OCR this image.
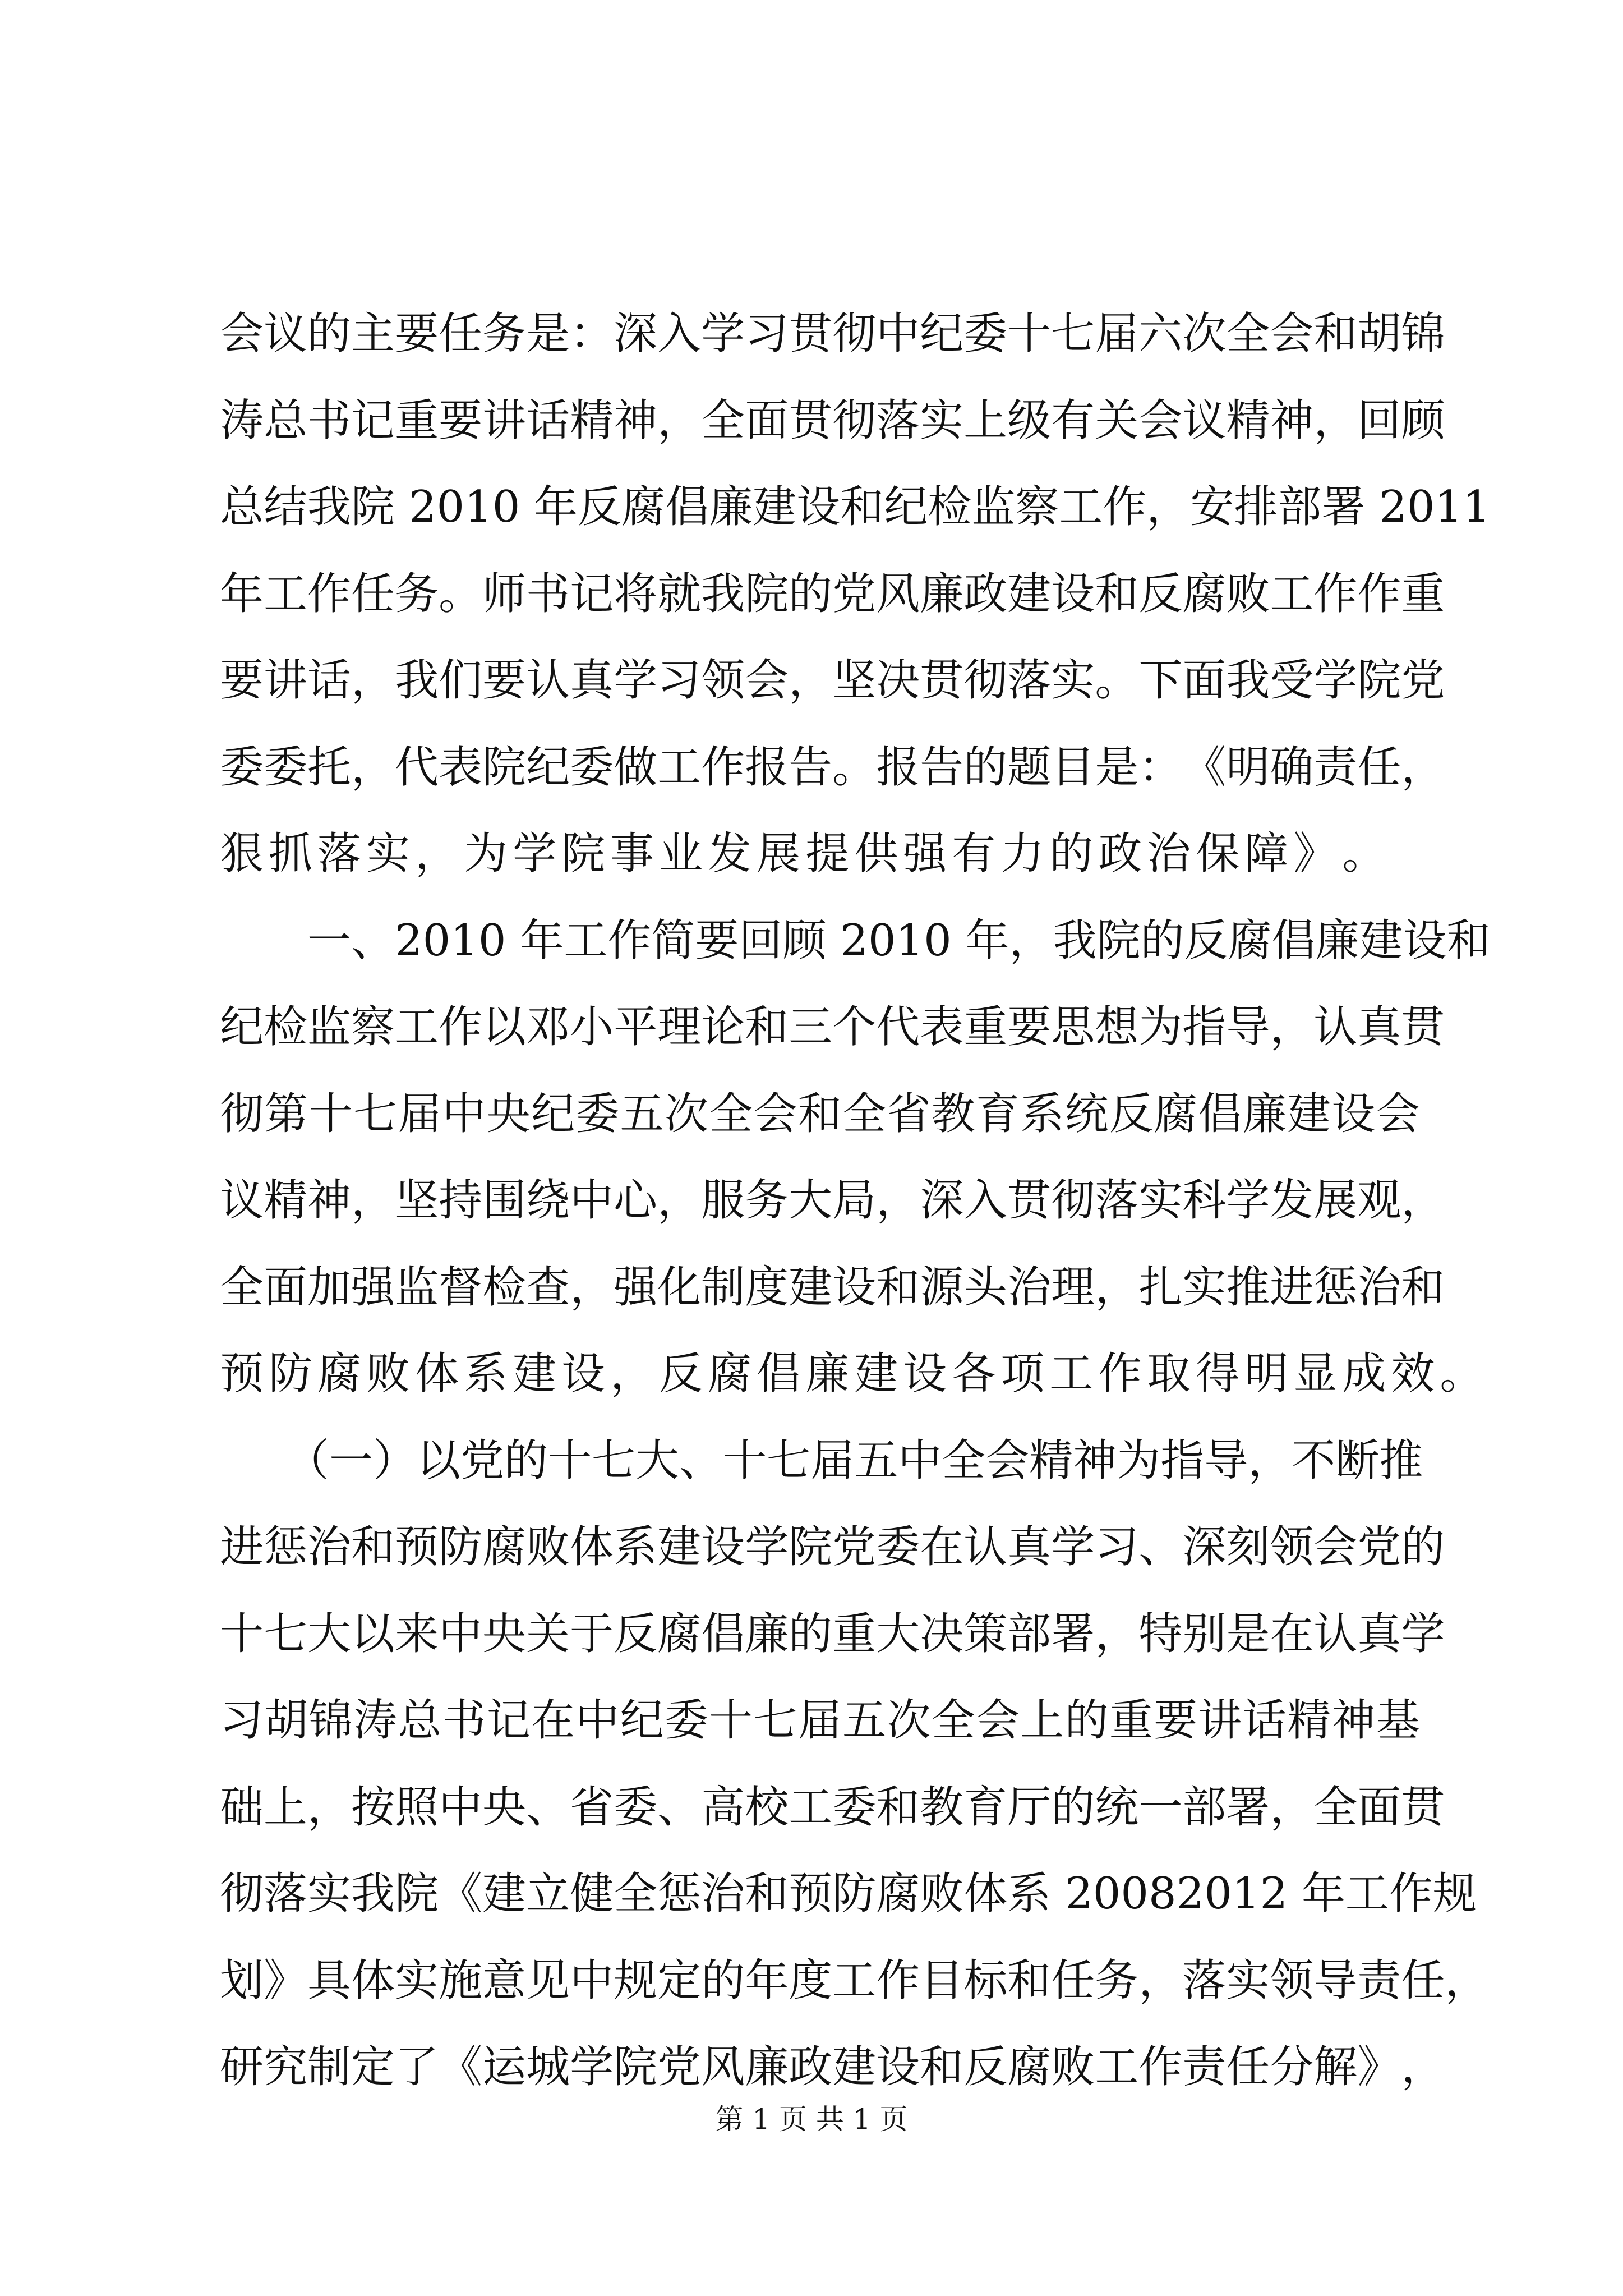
会 议 的 主 要 任 务 是 ： 深 入 学 习 贯 彻 中 纪 委 十 七 届 六 次 全 会 和 胡 锦
涛 总 书 记 重 要 讲 话 精 神 ， 全 面 贯 彻 落 实 上 级 有 关 会 议 精 神 ， 回 顾
总 结 我 院 2010 年 反 腐 倡 廉 建 设 和 纪 检 监 察 工 作 ， 安 排 部 署 2011
年 工 作 任 务 。 师 书 记 将 就 我 院 的 党 风 廉 政 建 设 和 反 腐 败 工 作 作 重
要 讲 话 ， 我 们 要 认 真 学 习 领 会 ， 坚 决 贯 彻 落 实 。 下 面 我 受 学 院 党
委 委 托 ， 代 表 院 纪 委 做 工 作 报 告 。 报 告 的 题 目 是 ： 《 明 确 责 任 ，
狠 抓 落 实 ， 为 学 院 事 业 发 展 提 供 强 有 力 的 政 治 保 障 》 。
　　一 、 2010 年 工 作 简 要 回 顾 2010 年 ， 我 院 的 反 腐 倡 廉 建 设 和
纪 检 监 察 工 作 以 邓 小 平 理 论 和 三 个 代 表 重 要 思 想 为 指 导 ， 认 真 贯
彻 第 十 七 届 中 央 纪 委 五 次 全 会 和 全 省 教 育 系 统 反 腐 倡 廉 建 设 会
议 精 神 ， 坚 持 围 绕 中 心 ， 服 务 大 局 ， 深 入 贯 彻 落 实 科 学 发 展 观 ，
全 面 加 强 监 督 检 查 ， 强 化 制 度 建 设 和 源 头 治 理 ， 扎 实 推 进 惩 治 和
预 防 腐 败 体 系 建 设 ， 反 腐 倡 廉 建 设 各 项 工 作 取 得 明 显 成 效 。
　　（ 一 ） 以 党 的 十 七 大 、 十 七 届 五 中 全 会 精 神 为 指 导 ， 不 断 推
进 惩 治 和 预 防 腐 败 体 系 建 设 学 院 党 委 在 认 真 学 习 、 深 刻 领 会 党 的
十 七 大 以 来 中 央 关 于 反 腐 倡 廉 的 重 大 决 策 部 署 ， 特 别 是 在 认 真 学
习 胡 锦 涛 总 书 记 在 中 纪 委 十 七 届 五 次 全 会 上 的 重 要 讲 话 精 神 基
础 上 ， 按 照 中 央 、 省 委 、 高 校 工 委 和 教 育 厅 的 统 一 部 署 ， 全 面 贯
彻 落 实 我 院 《 建 立 健 全 惩 治 和 预 防 腐 败 体 系 20082012 年 工 作 规
划 》 具 体 实 施 意 见 中 规 定 的 年 度 工 作 目 标 和 任 务 ， 落 实 领 导 责 任 ，
研 究 制 定 了 《 运 城 学 院 党 风 廉 政 建 设 和 反 腐 败 工 作 责 任 分 解 》 ，
第 1 页 共 1 页
